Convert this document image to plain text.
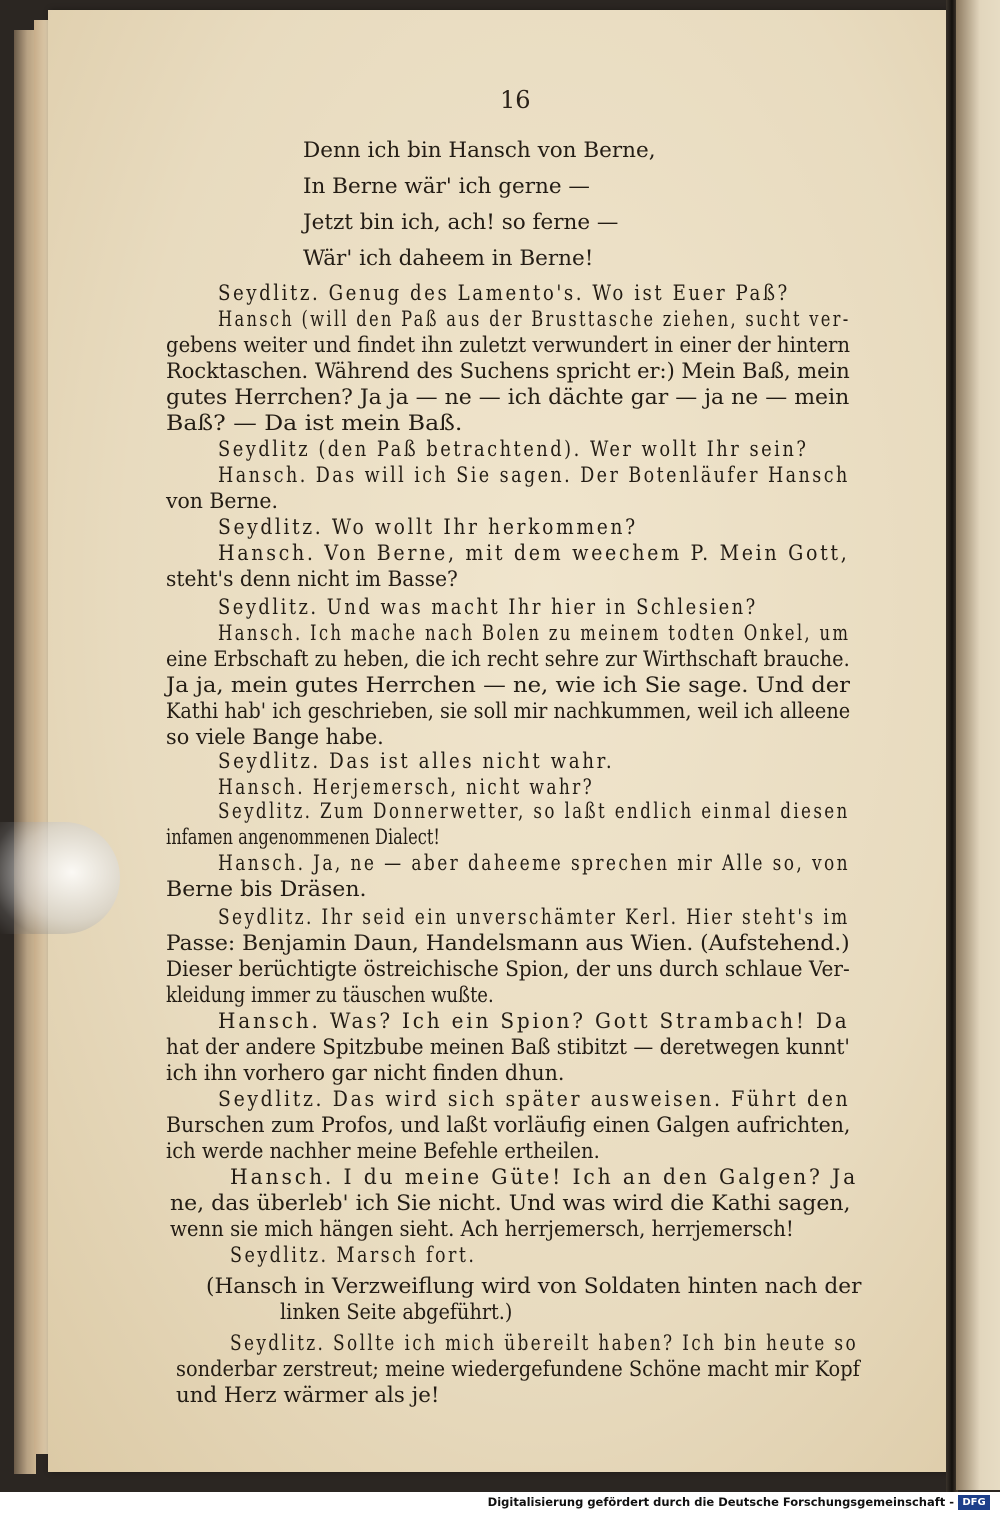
16
Denn ich bin Hansch von Berne,
In Berne wär' ich gerne —
Jetzt bin ich, ach! so ferne —
Wär' ich daheem in Berne!
Seydlitz. Genug des Lamento's. Wo ist Euer Paß?
Hansch (will den Paß aus der Brusttasche ziehen, sucht ver-
gebens weiter und findet ihn zuletzt verwundert in einer der hintern
Rocktaschen. Während des Suchens spricht er:) Mein Baß, mein
gutes Herrchen? Ja ja — ne — ich dächte gar — ja ne — mein
Baß? — Da ist mein Baß.
Seydlitz (den Paß betrachtend). Wer wollt Ihr sein?
Hansch. Das will ich Sie sagen. Der Botenläufer Hansch
von Berne.
Seydlitz. Wo wollt Ihr herkommen?
Hansch. Von Berne, mit dem weechem P. Mein Gott,
steht's denn nicht im Basse?
Seydlitz. Und was macht Ihr hier in Schlesien?
Hansch. Ich mache nach Bolen zu meinem todten Onkel, um
eine Erbschaft zu heben, die ich recht sehre zur Wirthschaft brauche.
Ja ja, mein gutes Herrchen — ne, wie ich Sie sage. Und der
Kathi hab' ich geschrieben, sie soll mir nachkummen, weil ich alleene
so viele Bange habe.
Seydlitz. Das ist alles nicht wahr.
Hansch. Herjemersch, nicht wahr?
Seydlitz. Zum Donnerwetter, so laßt endlich einmal diesen
infamen angenommenen Dialect!
Hansch. Ja, ne — aber daheeme sprechen mir Alle so, von
Berne bis Dräsen.
Seydlitz. Ihr seid ein unverschämter Kerl. Hier steht's im
Passe: Benjamin Daun, Handelsmann aus Wien. (Aufstehend.)
Dieser berüchtigte östreichische Spion, der uns durch schlaue Ver-
kleidung immer zu täuschen wußte.
Hansch. Was? Ich ein Spion? Gott Strambach! Da
hat der andere Spitzbube meinen Baß stibitzt — deretwegen kunnt'
ich ihn vorhero gar nicht finden dhun.
Seydlitz. Das wird sich später ausweisen. Führt den
Burschen zum Profos, und laßt vorläufig einen Galgen aufrichten,
ich werde nachher meine Befehle ertheilen.
Hansch. I du meine Güte! Ich an den Galgen? Ja
ne, das überleb' ich Sie nicht. Und was wird die Kathi sagen,
wenn sie mich hängen sieht. Ach herrjemersch, herrjemersch!
Seydlitz. Marsch fort.
(Hansch in Verzweiflung wird von Soldaten hinten nach der
linken Seite abgeführt.)
Seydlitz. Sollte ich mich übereilt haben? Ich bin heute so
sonderbar zerstreut; meine wiedergefundene Schöne macht mir Kopf
und Herz wärmer als je!
Digitalisierung gefördert durch die Deutsche Forschungsgemeinschaft - DFG
